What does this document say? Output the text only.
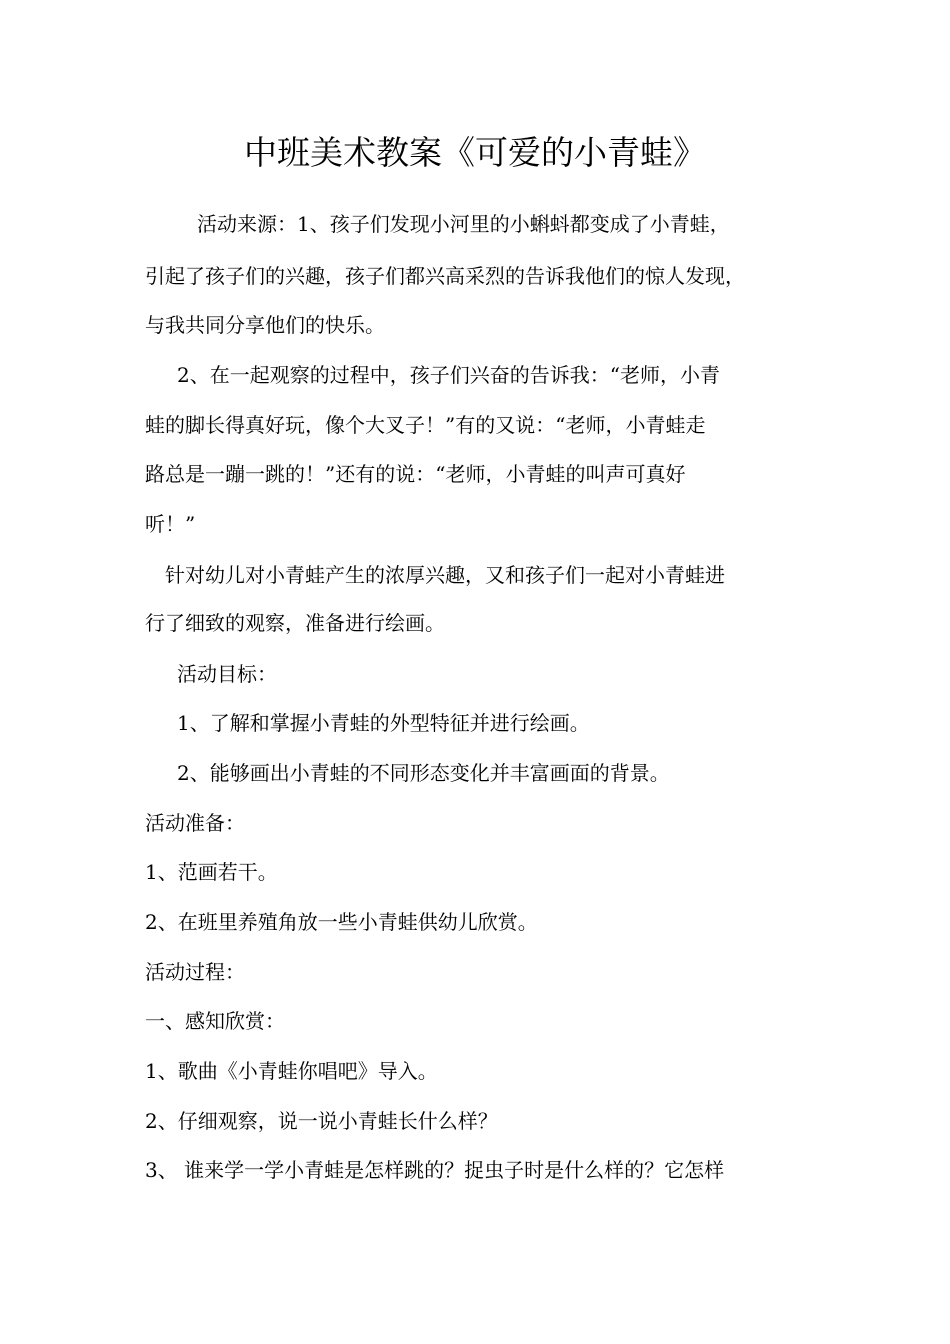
中班美术教案《可爱的小青蛙》
活动来源：1、孩子们发现小河里的小蝌蚪都变成了小青蛙，
引起了孩子们的兴趣，孩子们都兴高采烈的告诉我他们的惊人发现，
与我共同分享他们的快乐。
2、在一起观察的过程中，孩子们兴奋的告诉我：“老师，小青
蛙的脚长得真好玩，像个大叉子！”有的又说：“老师，小青蛙走
路总是一蹦一跳的！”还有的说：“老师，小青蛙的叫声可真好
听！”
针对幼儿对小青蛙产生的浓厚兴趣，又和孩子们一起对小青蛙进
行了细致的观察，准备进行绘画。
活动目标：
1、了解和掌握小青蛙的外型特征并进行绘画。
2、能够画出小青蛙的不同形态变化并丰富画面的背景。
活动准备：
1、范画若干。
2、在班里养殖角放一些小青蛙供幼儿欣赏。
活动过程：
一、感知欣赏：
1、歌曲《小青蛙你唱吧》导入。
2、仔细观察，说一说小青蛙长什么样？
3、 谁来学一学小青蛙是怎样跳的？捉虫子时是什么样的？它怎样
